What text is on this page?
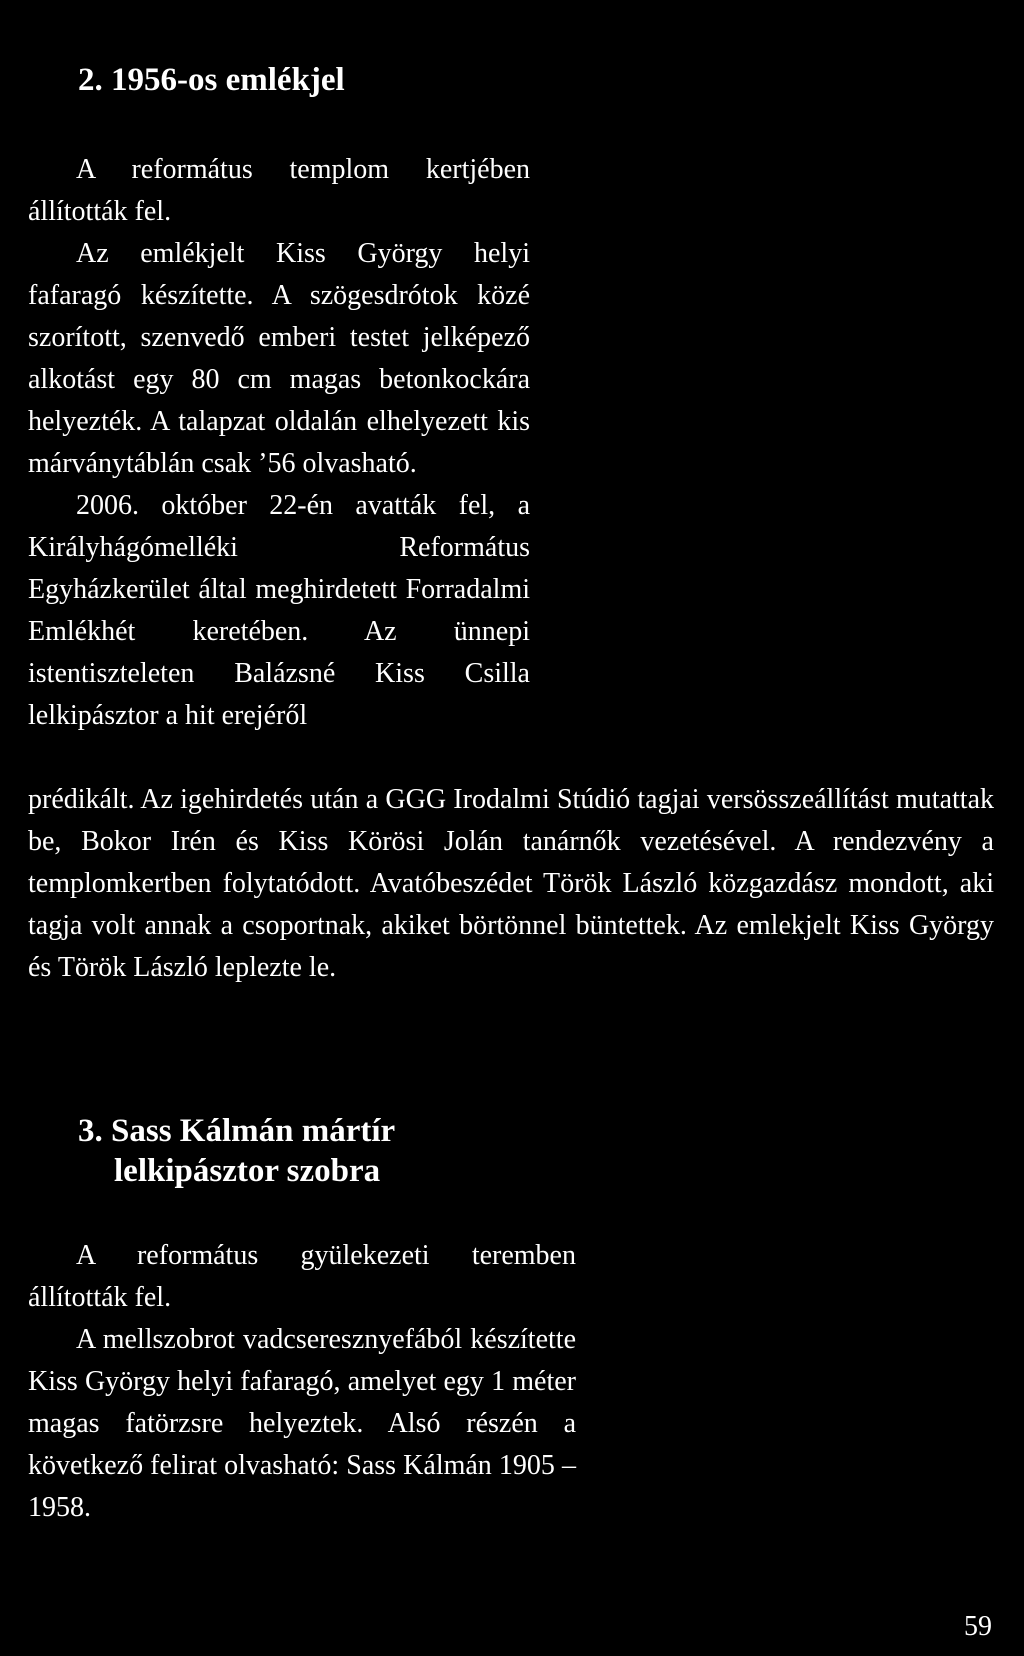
2. 1956-os emlékjel

A református templom kertjében állították fel.

Az emlékjelt Kiss György helyi fafaragó készítette. A szögesdrótok közé szorított, szenvedő emberi testet jelképező alkotást egy 80 cm magas betonkockára helyezték. A talapzat oldalán elhelyezett kis márványtáblán csak ’56 olvasható.

2006. október 22-én avatták fel, a Királyhágómelléki Református Egyházkerület által meghirdetett Forradalmi Emlékhét keretében. Az ünnepi istentiszteleten Balázsné Kiss Csilla lelkipásztor a hit erejéről

prédikált. Az igehirdetés után a GGG Irodalmi Stúdió tagjai versösszeállítást mutattak be, Bokor Irén és Kiss Körösi Jolán tanárnők vezetésével. A rendezvény a templomkertben folytatódott. Avatóbeszédet Török László közgazdász mondott, aki tagja volt annak a csoportnak, akiket börtönnel büntettek. Az emlekjelt Kiss György és Török László leplezte le.

3. Sass Kálmán mártír
lelkipásztor szobra

A református gyülekezeti teremben állították fel.

A mellszobrot vadcseresznyefából készítette Kiss György helyi fafaragó, amelyet egy 1 méter magas fatörzsre helyeztek. Alsó részén a következő felirat olvasható: Sass Kálmán 1905 – 1958.

59
